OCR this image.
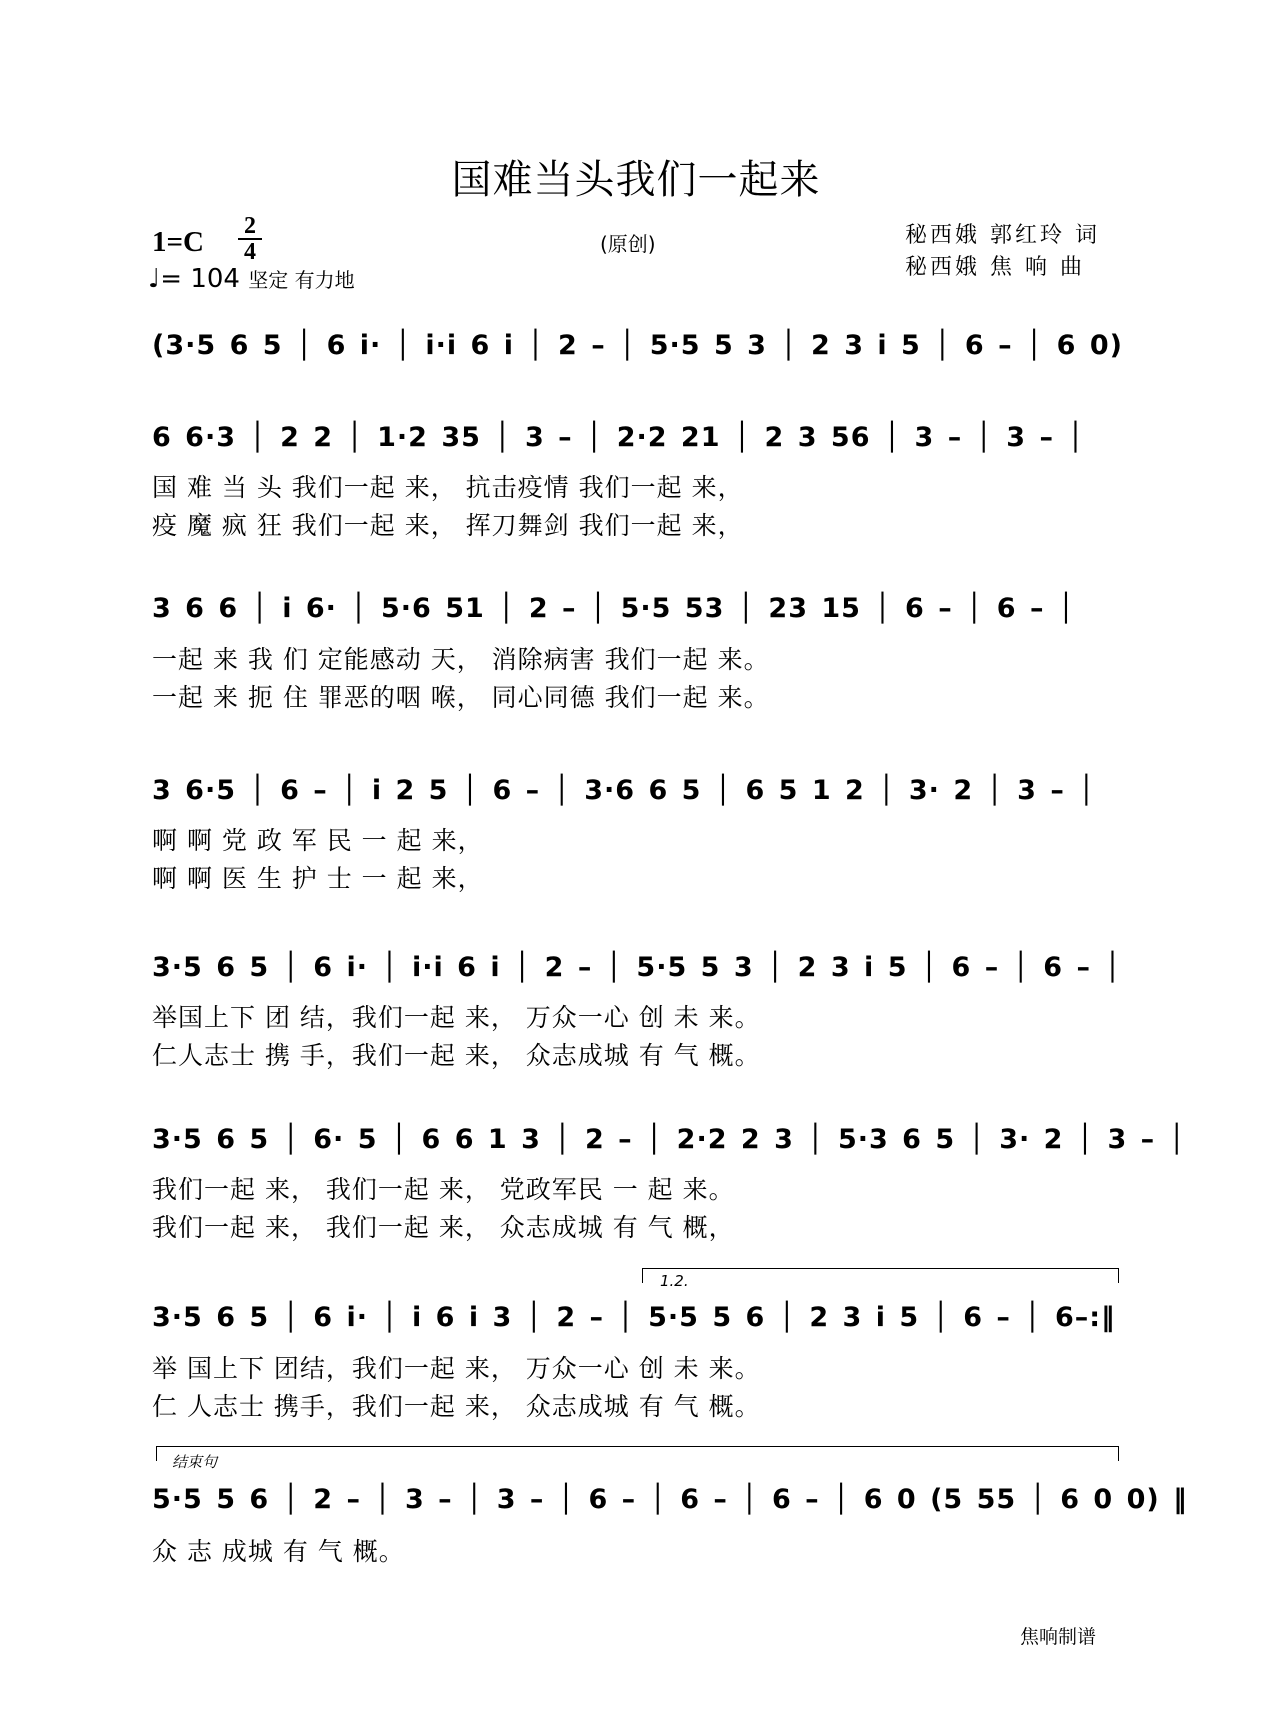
国难当头我们一起来
1=C	2
4
♩= 104 坚定 有力地
(原创)	秘西娥 郭红玲 词
秘西娥 焦 响 曲
(3·5 6 5 │ 6 i· │ i·i 6 i │ 2 – │ 5·5 5 3 │ 2 3 i 5 │ 6 – │ 6 0)
6 6·3 │ 2 2 │ 1·2 35 │ 3 – │ 2·2 21 │ 2 3 56 │ 3 – │ 3 – │
国 难 当 头 我们一起 来， 抗击疫情 我们一起 来，
疫 魔 疯 狂 我们一起 来， 挥刀舞剑 我们一起 来，
3 6 6 │ i 6· │ 5·6 51 │ 2 – │ 5·5 53 │ 23 15 │ 6 – │ 6 – │
一起 来 我 们 定能感动 天， 消除病害 我们一起 来。
一起 来 扼 住 罪恶的咽 喉， 同心同德 我们一起 来。
3 6·5 │ 6 – │ i 2 5 │ 6 – │ 3·6 6 5 │ 6 5 1 2 │ 3· 2 │ 3 – │
啊 啊 党 政 军 民 一 起 来，
啊 啊 医 生 护 士 一 起 来，
3·5 6 5 │ 6 i· │ i·i 6 i │ 2 – │ 5·5 5 3 │ 2 3 i 5 │ 6 – │ 6 – │
举国上下 团 结，我们一起 来， 万众一心 创 未 来。
仁人志士 携 手，我们一起 来， 众志成城 有 气 概。
3·5 6 5 │ 6· 5 │ 6 6 1 3 │ 2 – │ 2·2 2 3 │ 5·3 6 5 │ 3· 2 │ 3 – │
我们一起 来， 我们一起 来， 党政军民 一 起 来。
我们一起 来， 我们一起 来， 众志成城 有 气 概，
1.2.
3·5 6 5 │ 6 i· │ i 6 i 3 │ 2 – │ 5·5 5 6 │ 2 3 i 5 │ 6 – │ 6–:‖
举 国上下 团结，我们一起 来， 万众一心 创 未 来。
仁 人志士 携手，我们一起 来， 众志成城 有 气 概。
结束句
5·5 5 6 │ 2 – │ 3 – │ 3 – │ 6 – │ 6 – │ 6 – │ 6 0 (5 55 │ 6 0 0) ‖
众 志 成城 有 气 概。
焦响制谱
